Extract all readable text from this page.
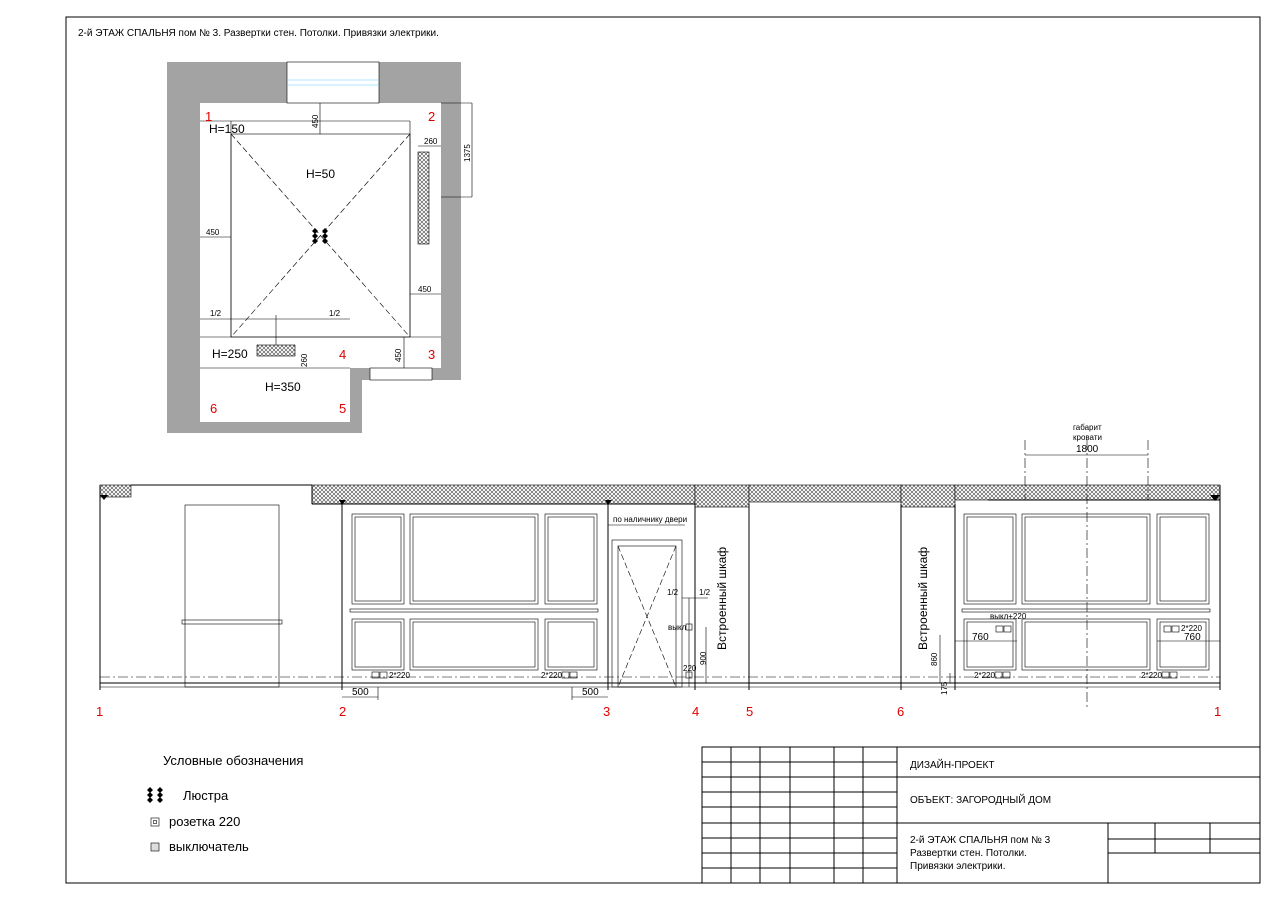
2-й ЭТАЖ СПАЛЬНЯ пом № 3. Развертки стен. Потолки. Привязки электрики.
450
1375
260
450
450
1/2	1/2
260	450
H=150
H=50
H=250
H=350
1	2
3
4
5
6
по наличнику двери
Встроенный шкаф	Встроенный шкаф
габарит
кровати
1800
2*220	2*220	2*220	2*220
2*220
выкл+220
выкл
1/2	1/2
220
900	860
175
760	760
500	500
1	2	3	4	5	6	1
Условные обозначения
Люстра
розетка 220
выключатель
ДИЗАЙН-ПРОЕКТ
ОБЪЕКТ: ЗАГОРОДНЫЙ ДОМ
2-й ЭТАЖ СПАЛЬНЯ пом № 3
Развертки стен. Потолки.
Привязки электрики.
